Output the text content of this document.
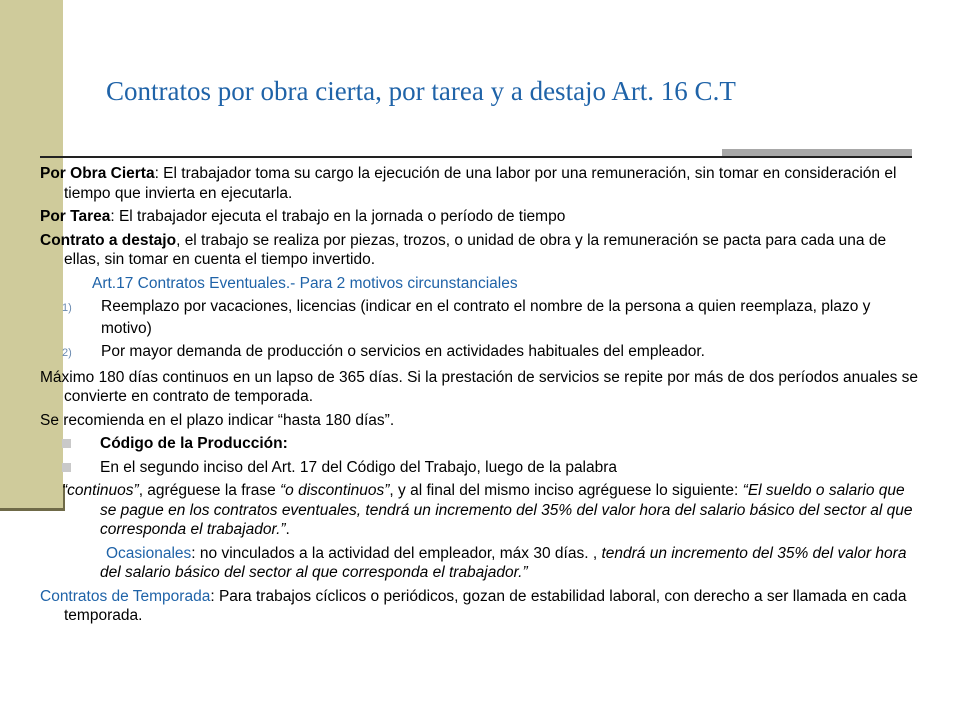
Contratos por obra cierta, por tarea y a destajo Art. 16 C.T

Por Obra Cierta: El trabajador toma su cargo la ejecución de una labor por una remuneración, sin tomar en consideración el tiempo que invierta en ejecutarla.

Por Tarea: El trabajador ejecuta el trabajo en la jornada o período de tiempo

Contrato a destajo, el trabajo se realiza por piezas, trozos, o unidad de obra y la remuneración se pacta para cada una de ellas, sin tomar en cuenta el tiempo invertido.

Art.17 Contratos Eventuales.- Para 2 motivos circunstanciales

1) Reemplazo por vacaciones, licencias (indicar en el contrato el nombre de la persona a quien reemplaza, plazo y motivo)

2) Por mayor demanda de producción o servicios en actividades habituales del empleador.

Máximo 180 días continuos en un lapso de 365 días. Si la prestación de servicios se repite por más de dos períodos anuales se convierte en contrato de temporada.

Se recomienda en el plazo indicar “hasta 180 días”.

Código de la Producción:

En el segundo inciso del Art. 17 del Código del Trabajo, luego de la palabra

“continuos”, agréguese la frase “o discontinuos”, y al final del mismo inciso agréguese lo siguiente: “El sueldo o salario que se pague en los contratos eventuales, tendrá un incremento del 35% del valor hora del salario básico del sector al que corresponda el trabajador.”.

Ocasionales: no vinculados a la actividad del empleador, máx 30 días. , tendrá un incremento del 35% del valor hora del salario básico del sector al que corresponda el trabajador.”

Contratos de Temporada: Para trabajos cíclicos o periódicos, gozan de estabilidad laboral, con derecho a ser llamada en cada temporada.
